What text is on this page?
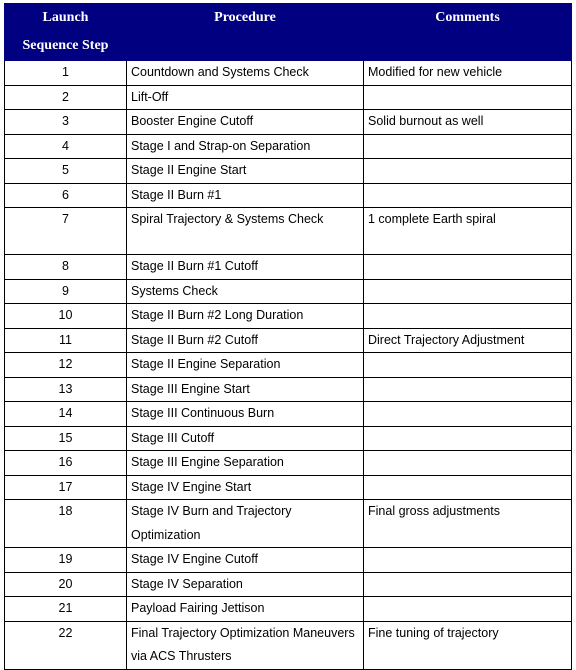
Launch
Sequence Step	Procedure	Comments

1	Countdown and Systems Check	Modified for new vehicle
2	Lift-Off	
3	Booster Engine Cutoff	Solid burnout as well
4	Stage I and Strap-on Separation	
5	Stage II Engine Start	
6	Stage II Burn #1	
7	Spiral Trajectory & Systems Check	1 complete Earth spiral
8	Stage II Burn #1 Cutoff	
9	Systems Check	
10	Stage II Burn #2 Long Duration	
11	Stage II Burn #2 Cutoff	Direct Trajectory Adjustment
12	Stage II Engine Separation	
13	Stage III Engine Start	
14	Stage III Continuous Burn	
15	Stage III Cutoff	
16	Stage III Engine Separation	
17	Stage IV Engine Start	
18	Stage IV Burn and Trajectory Optimization	Final gross adjustments
19	Stage IV Engine Cutoff	
20	Stage IV Separation	
21	Payload Fairing Jettison	
22	Final Trajectory Optimization Maneuvers via ACS Thrusters	Fine tuning of trajectory
